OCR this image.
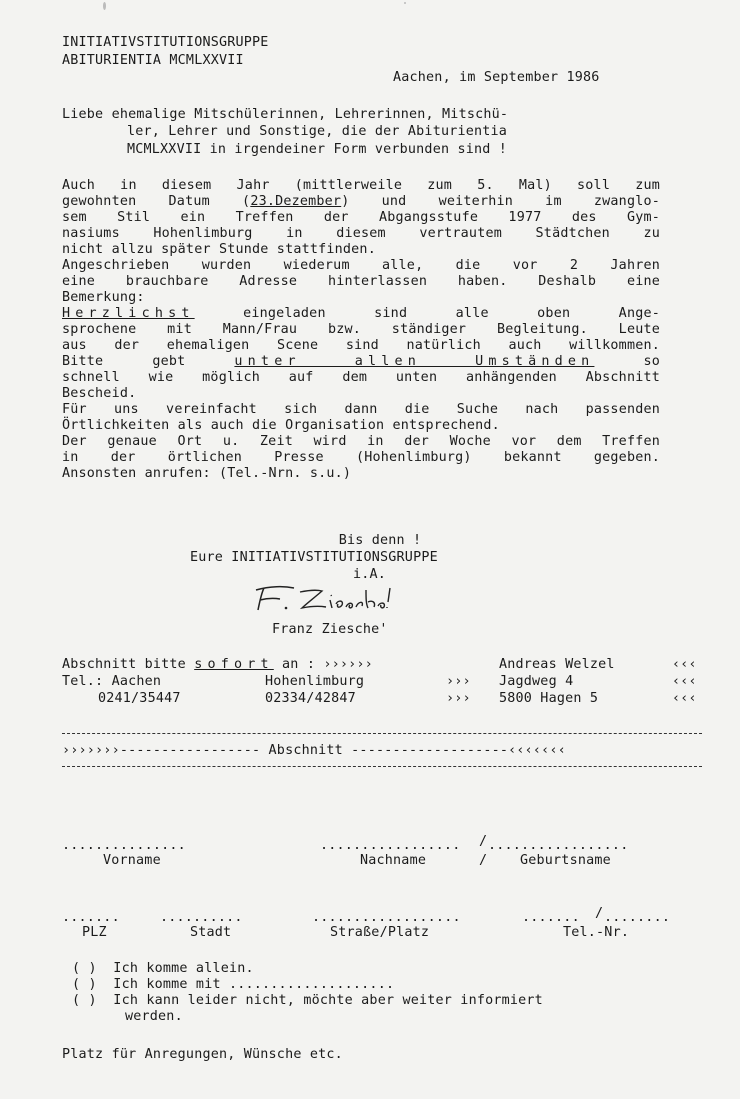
INITIATIVSTITUTIONSGRUPPE
ABITURIENTIA MCMLXXVII
Aachen, im September 1986
Liebe ehemalige Mitschülerinnen, Lehrerinnen, Mitschü-
ler, Lehrer und Sonstige, die der Abiturientia
MCMLXXVII in irgendeiner Form verbunden sind !
Auch in diesem Jahr (mittlerweile zum 5. Mal) soll zum
gewohnten Datum (23.Dezember) und weiterhin im zwanglo-
sem Stil ein Treffen der Abgangsstufe 1977 des Gym-
nasiums Hohenlimburg in diesem vertrautem Städtchen zu
nicht allzu später Stunde stattfinden.
Angeschrieben wurden wiederum alle, die vor 2 Jahren
eine brauchbare Adresse hinterlassen haben. Deshalb eine
Bemerkung:
Herzlichst eingeladen sind alle oben Ange-
sprochene mit Mann/Frau bzw. ständiger Begleitung. Leute
aus der ehemaligen Scene sind natürlich auch willkommen.
Bitte gebt unter allen Umständen so
schnell wie möglich auf dem unten anhängenden Abschnitt
Bescheid.
Für uns vereinfacht sich dann die Suche nach passenden
Örtlichkeiten als auch die Organisation entsprechend.
Der genaue Ort u. Zeit wird in der Woche vor dem Treffen
in der örtlichen Presse (Hohenlimburg) bekannt gegeben.
Ansonsten anrufen: (Tel.-Nrn. s.u.)
Bis denn !
Eure INITIATIVSTITUTIONSGRUPPE
i.A.
Franz Ziesche'
Abschnitt bitte sofort an : ››››››	Andreas Welzel	‹‹‹
Tel.: Aachen	Hohenlimburg	››› Jagdweg 4	‹‹‹
0241/35447	02334/42847	››› 5800 Hagen 5	‹‹‹
›››››››----------------- Abschnitt -------------------‹‹‹‹‹‹‹
...............	................. / .................
Vorname	Nachname	/ Geburtsname
.......	..........	..................	....... / ........
PLZ	Stadt	Straße/Platz	Tel.-Nr.
( )  Ich komme allein.
( )  Ich komme mit ....................
( )  Ich kann leider nicht, möchte aber weiter informiert
werden.
Platz für Anregungen, Wünsche etc.
